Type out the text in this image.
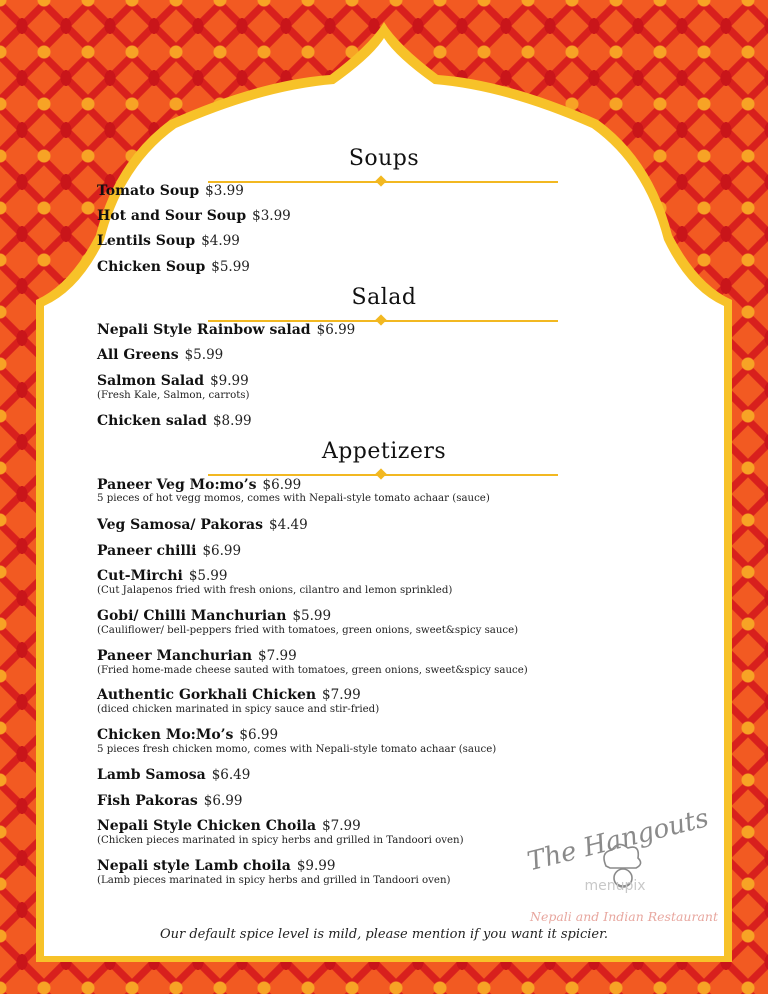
Soups
Tomato Soup $3.99
Hot and Sour Soup $3.99
Lentils Soup $4.99
Chicken Soup $5.99
Salad
Nepali Style Rainbow salad $6.99
All Greens $5.99
Salmon Salad $9.99
(Fresh Kale, Salmon, carrots)
Chicken salad $8.99
Appetizers
Paneer Veg Mo:mo’s $6.99
5 pieces of hot vegg momos, comes with Nepali-style tomato achaar (sauce)
Veg Samosa/ Pakoras $4.49
Paneer chilli $6.99
Cut-Mirchi $5.99
(Cut Jalapenos fried with fresh onions, cilantro and lemon sprinkled)
Gobi/ Chilli Manchurian $5.99
(Cauliflower/ bell-peppers fried with tomatoes, green onions, sweet&spicy sauce)
Paneer Manchurian $7.99
(Fried home-made cheese sauted with tomatoes, green onions, sweet&spicy sauce)
Authentic Gorkhali Chicken $7.99
(diced chicken marinated in spicy sauce and stir-fried)
Chicken Mo:Mo’s $6.99
5 pieces fresh chicken momo, comes with Nepali-style tomato achaar (sauce)
Lamb Samosa $6.49
Fish Pakoras $6.99
Nepali Style Chicken Choila $7.99
(Chicken pieces marinated in spicy herbs and grilled in Tandoori oven)
Nepali style Lamb choila $9.99
(Lamb pieces marinated in spicy herbs and grilled in Tandoori oven)
The Hangouts
menupix
Nepali and Indian Restaurant
Our default spice level is mild, please mention if you want it spicier.
